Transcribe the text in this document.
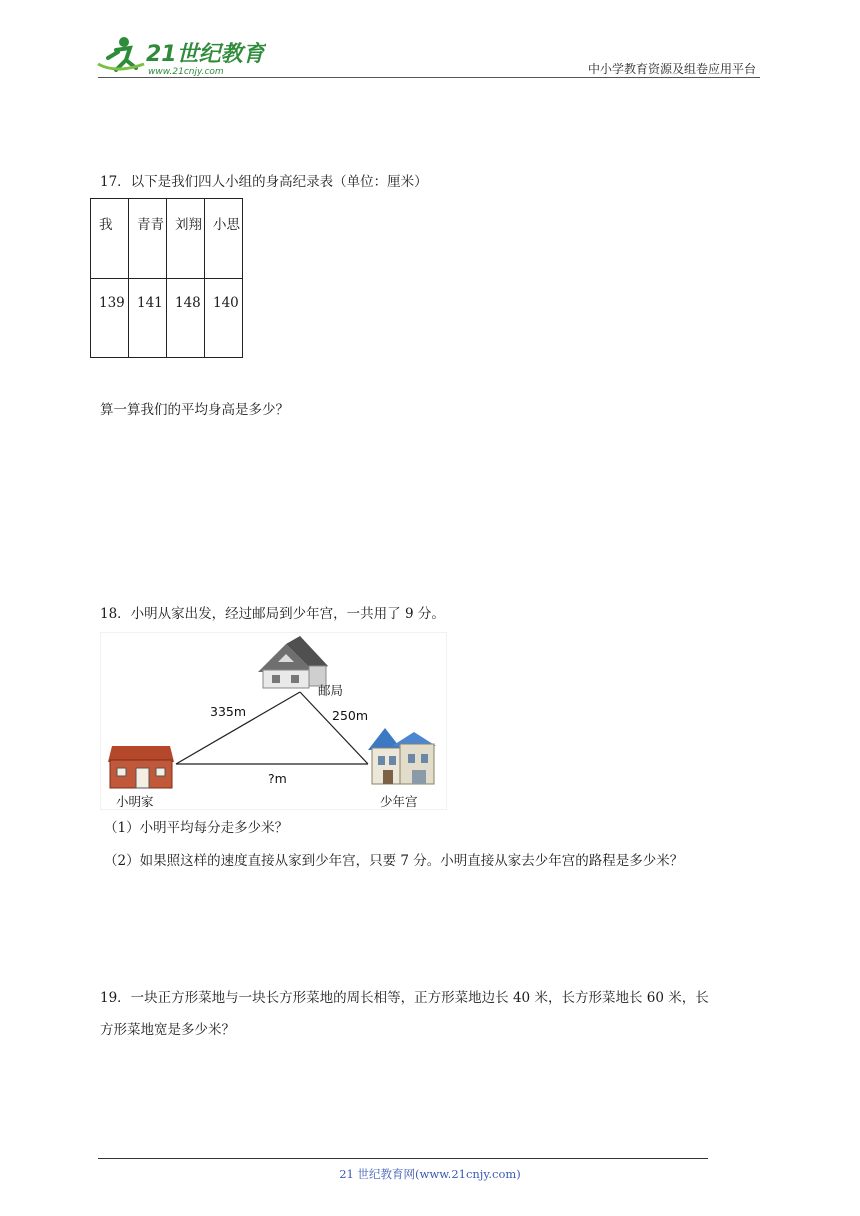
21世纪教育
www.21cnjy.com	中小学教育资源及组卷应用平台
17．以下是我们四人小组的身高纪录表（单位：厘米）
我	青青	刘翔	小思
139	141	148	140
算一算我们的平均身高是多少？
18．小明从家出发，经过邮局到少年宫，一共用了 9 分。
邮局
小明家	少年宫
335m	250m
?m
（1）小明平均每分走多少米？
（2）如果照这样的速度直接从家到少年宫，只要 7 分。小明直接从家去少年宫的路程是多少米？
19．一块正方形菜地与一块长方形菜地的周长相等，正方形菜地边长 40 米，长方形菜地长 60 米，长
方形菜地宽是多少米？
21 世纪教育网(www.21cnjy.com)
